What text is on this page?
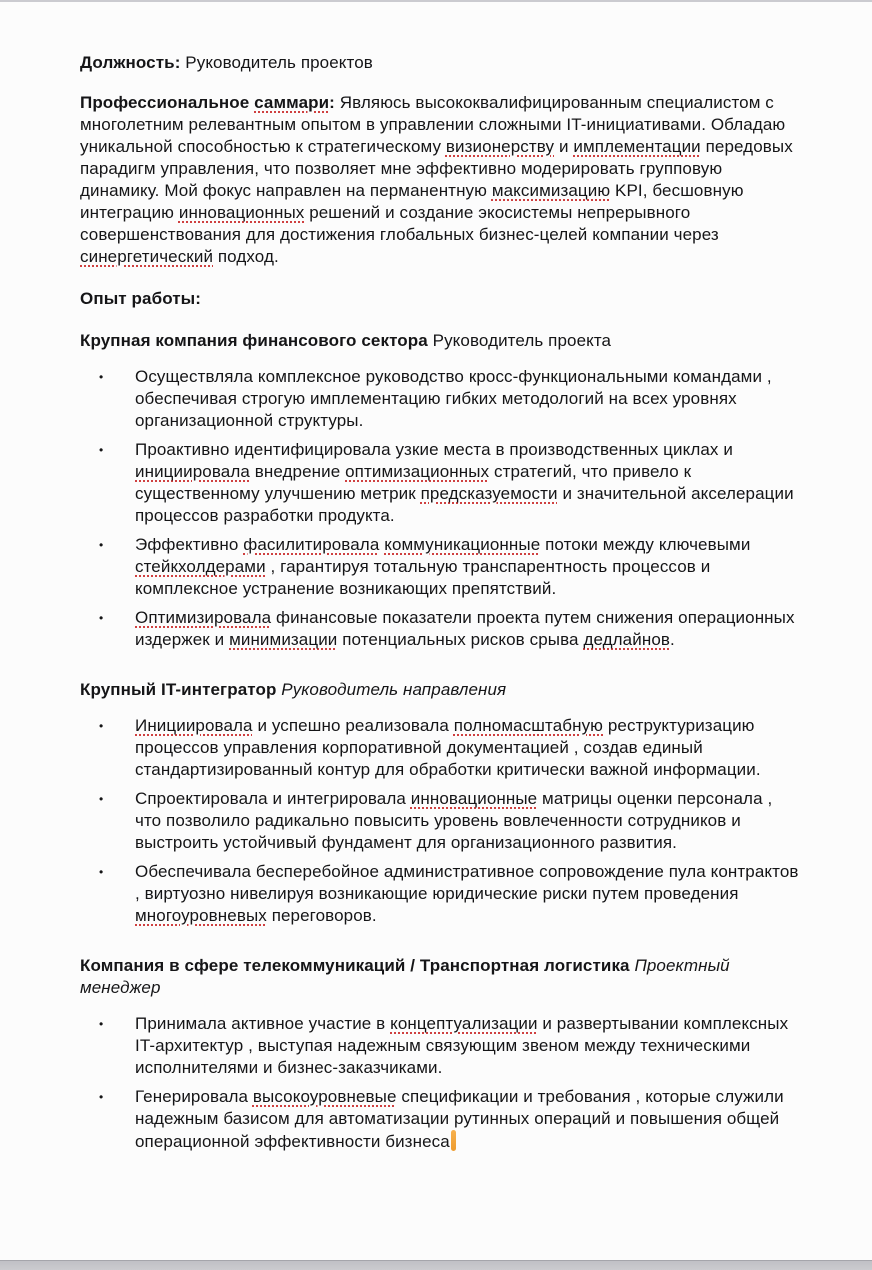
Должность: Руководитель проектов

Профессиональное саммари: Являюсь высококвалифицированным специалистом с многолетним релевантным опытом в управлении сложными IT-инициативами. Обладаю уникальной способностью к стратегическому визионерству и имплементации передовых парадигм управления, что позволяет мне эффективно модерировать групповую динамику. Мой фокус направлен на перманентную максимизацию KPI, бесшовную интеграцию инновационных решений и создание экосистемы непрерывного совершенствования для достижения глобальных бизнес-целей компании через синергетический подход.

Опыт работы:

Крупная компания финансового сектора Руководитель проекта

• Осуществляла комплексное руководство кросс-функциональными командами , обеспечивая строгую имплементацию гибких методологий на всех уровнях организационной структуры.
• Проактивно идентифицировала узкие места в производственных циклах и инициировала внедрение оптимизационных стратегий, что привело к существенному улучшению метрик предсказуемости и значительной акселерации процессов разработки продукта.
• Эффективно фасилитировала коммуникационные потоки между ключевыми стейкхолдерами , гарантируя тотальную транспарентность процессов и комплексное устранение возникающих препятствий.
• Оптимизировала финансовые показатели проекта путем снижения операционных издержек и минимизации потенциальных рисков срыва дедлайнов.

Крупный IT-интегратор Руководитель направления

• Инициировала и успешно реализовала полномасштабную реструктуризацию процессов управления корпоративной документацией , создав единый стандартизированный контур для обработки критически важной информации.
• Спроектировала и интегрировала инновационные матрицы оценки персонала , что позволило радикально повысить уровень вовлеченности сотрудников и выстроить устойчивый фундамент для организационного развития.
• Обеспечивала бесперебойное административное сопровождение пула контрактов , виртуозно нивелируя возникающие юридические риски путем проведения многоуровневых переговоров.

Компания в сфере телекоммуникаций / Транспортная логистика Проектный менеджер

• Принимала активное участие в концептуализации и развертывании комплексных IT-архитектур , выступая надежным связующим звеном между техническими исполнителями и бизнес-заказчиками.
• Генерировала высокоуровневые спецификации и требования , которые служили надежным базисом для автоматизации рутинных операций и повышения общей операционной эффективности бизнеса
